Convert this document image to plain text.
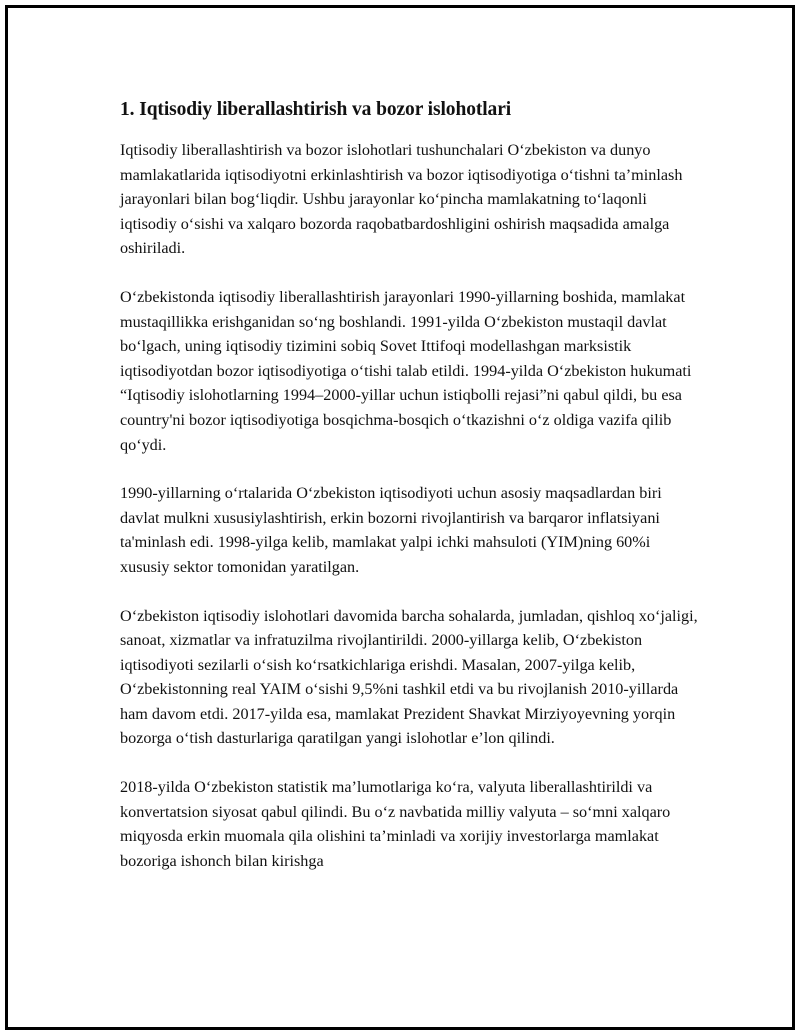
1. Iqtisodiy liberallashtirish va bozor islohotlari

Iqtisodiy liberallashtirish va bozor islohotlari tushunchalari O‘zbekiston va dunyo mamlakatlarida iqtisodiyotni erkinlashtirish va bozor iqtisodiyotiga o‘tishni ta’minlash jarayonlari bilan bog‘liqdir. Ushbu jarayonlar ko‘pincha mamlakatning to‘laqonli iqtisodiy o‘sishi va xalqaro bozorda raqobatbardoshligini oshirish maqsadida amalga oshiriladi.

O‘zbekistonda iqtisodiy liberallashtirish jarayonlari 1990-yillarning boshida, mamlakat mustaqillikka erishganidan so‘ng boshlandi. 1991-yilda O‘zbekiston mustaqil davlat bo‘lgach, uning iqtisodiy tizimini sobiq Sovet Ittifoqi modellashgan marksistik iqtisodiyotdan bozor iqtisodiyotiga o‘tishi talab etildi. 1994-yilda O‘zbekiston hukumati “Iqtisodiy islohotlarning 1994–2000-yillar uchun istiqbolli rejasi”ni qabul qildi, bu esa country'ni bozor iqtisodiyotiga bosqichma-bosqich o‘tkazishni o‘z oldiga vazifa qilib qo‘ydi.

1990-yillarning o‘rtalarida O‘zbekiston iqtisodiyoti uchun asosiy maqsadlardan biri davlat mulkni xususiylashtirish, erkin bozorni rivojlantirish va barqaror inflatsiyani ta'minlash edi. 1998-yilga kelib, mamlakat yalpi ichki mahsuloti (YIM)ning 60%i xususiy sektor tomonidan yaratilgan.

O‘zbekiston iqtisodiy islohotlari davomida barcha sohalarda, jumladan, qishloq xo‘jaligi, sanoat, xizmatlar va infratuzilma rivojlantirildi. 2000-yillarga kelib, O‘zbekiston iqtisodiyoti sezilarli o‘sish ko‘rsatkichlariga erishdi. Masalan, 2007-yilga kelib, O‘zbekistonning real YAIM o‘sishi 9,5%ni tashkil etdi va bu rivojlanish 2010-yillarda ham davom etdi. 2017-yilda esa, mamlakat Prezident Shavkat Mirziyoyevning yorqin bozorga o‘tish dasturlariga qaratilgan yangi islohotlar e’lon qilindi.

2018-yilda O‘zbekiston statistik ma’lumotlariga ko‘ra, valyuta liberallashtirildi va konvertatsion siyosat qabul qilindi. Bu o‘z navbatida milliy valyuta – so‘mni xalqaro miqyosda erkin muomala qila olishini ta’minladi va xorijiy investorlarga mamlakat bozoriga ishonch bilan kirishga
